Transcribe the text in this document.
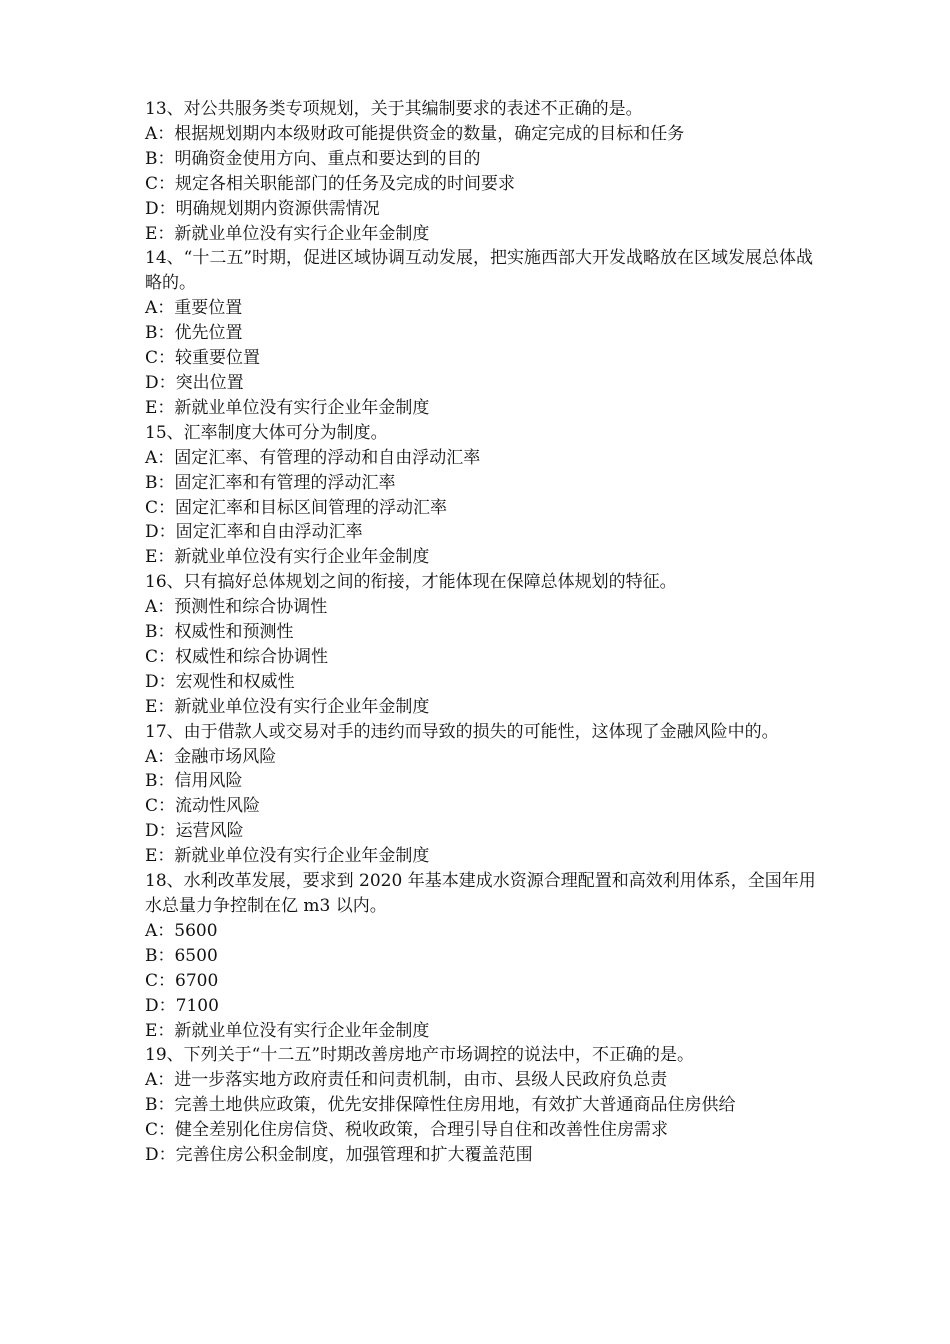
13、对公共服务类专项规划，关于其编制要求的表述不正确的是。

A：根据规划期内本级财政可能提供资金的数量，确定完成的目标和任务

B：明确资金使用方向、重点和要达到的目的

C：规定各相关职能部门的任务及完成的时间要求

D：明确规划期内资源供需情况

E：新就业单位没有实行企业年金制度

14、“十二五”时期，促进区域协调互动发展，把实施西部大开发战略放在区域发展总体战略的。

A：重要位置

B：优先位置

C：较重要位置

D：突出位置

E：新就业单位没有实行企业年金制度

15、汇率制度大体可分为制度。

A：固定汇率、有管理的浮动和自由浮动汇率

B：固定汇率和有管理的浮动汇率

C：固定汇率和目标区间管理的浮动汇率

D：固定汇率和自由浮动汇率

E：新就业单位没有实行企业年金制度

16、只有搞好总体规划之间的衔接，才能体现在保障总体规划的特征。

A：预测性和综合协调性

B：权威性和预测性

C：权威性和综合协调性

D：宏观性和权威性

E：新就业单位没有实行企业年金制度

17、由于借款人或交易对手的违约而导致的损失的可能性，这体现了金融风险中的。

A：金融市场风险

B：信用风险

C：流动性风险

D：运营风险

E：新就业单位没有实行企业年金制度

18、水利改革发展，要求到 2020 年基本建成水资源合理配置和高效利用体系，全国年用水总量力争控制在亿 m3 以内。

A：5600

B：6500

C：6700

D：7100

E：新就业单位没有实行企业年金制度

19、下列关于“十二五”时期改善房地产市场调控的说法中，不正确的是。

A：进一步落实地方政府责任和问责机制，由市、县级人民政府负总责

B：完善土地供应政策，优先安排保障性住房用地，有效扩大普通商品住房供给

C：健全差别化住房信贷、税收政策，合理引导自住和改善性住房需求

D：完善住房公积金制度，加强管理和扩大覆盖范围
